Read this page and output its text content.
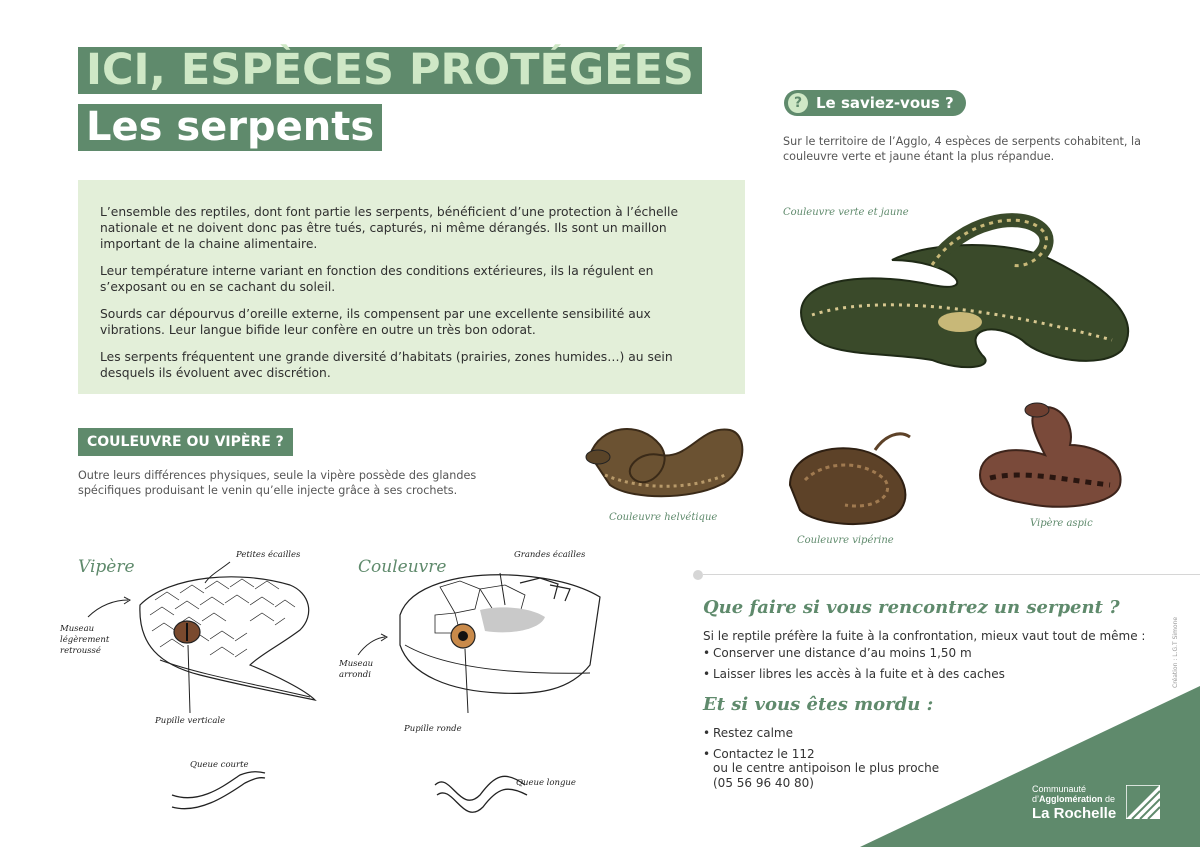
ICI, ESPÈCES PROTÉGÉES
Les serpents

L’ensemble des reptiles, dont font partie les serpents, bénéficient d’une protection à l’échelle nationale et ne doivent donc pas être tués, capturés, ni même dérangés. Ils sont un maillon important de la chaine alimentaire.

Leur température interne variant en fonction des conditions extérieures, ils la régulent en s’exposant ou en se cachant du soleil.

Sourds car dépourvus d’oreille externe, ils compensent par une excellente sensibilité aux vibrations. Leur langue bifide leur confère en outre un très bon odorat.

Les serpents fréquentent une grande diversité d’habitats (prairies, zones humides…) au sein desquels ils évoluent avec discrétion.

COULEUVRE OU VIPÈRE ?
Outre leurs différences physiques, seule la vipère possède des glandes spécifiques produisant le venin qu’elle injecte grâce à ses crochets.
Vipère	Couleuvre
Petites écailles
Museau
légèrement
retroussé
Pupille verticale
Queue courte
Grandes écailles
Museau
arrondi
Pupille ronde
Queue longue
? Le saviez-vous ?
Sur le territoire de l’Agglo, 4 espèces de serpents cohabitent, la couleuvre verte et jaune étant la plus répandue.
Couleuvre verte et jaune
Couleuvre helvétique
Couleuvre vipérine
Vipère aspic
Que faire si vous rencontrez un serpent ?
Si le reptile préfère la fuite à la confrontation, mieux vaut tout de même :
• Conserver une distance d’au moins 1,50 m
• Laisser libres les accès à la fuite et à des caches
Et si vous êtes mordu :
• Restez calme
• Contactez le 112
ou le centre antipoison le plus proche
(05 56 96 40 80)
Création : L.G.T Simone
Communauté
d’Agglomération de
La Rochelle
